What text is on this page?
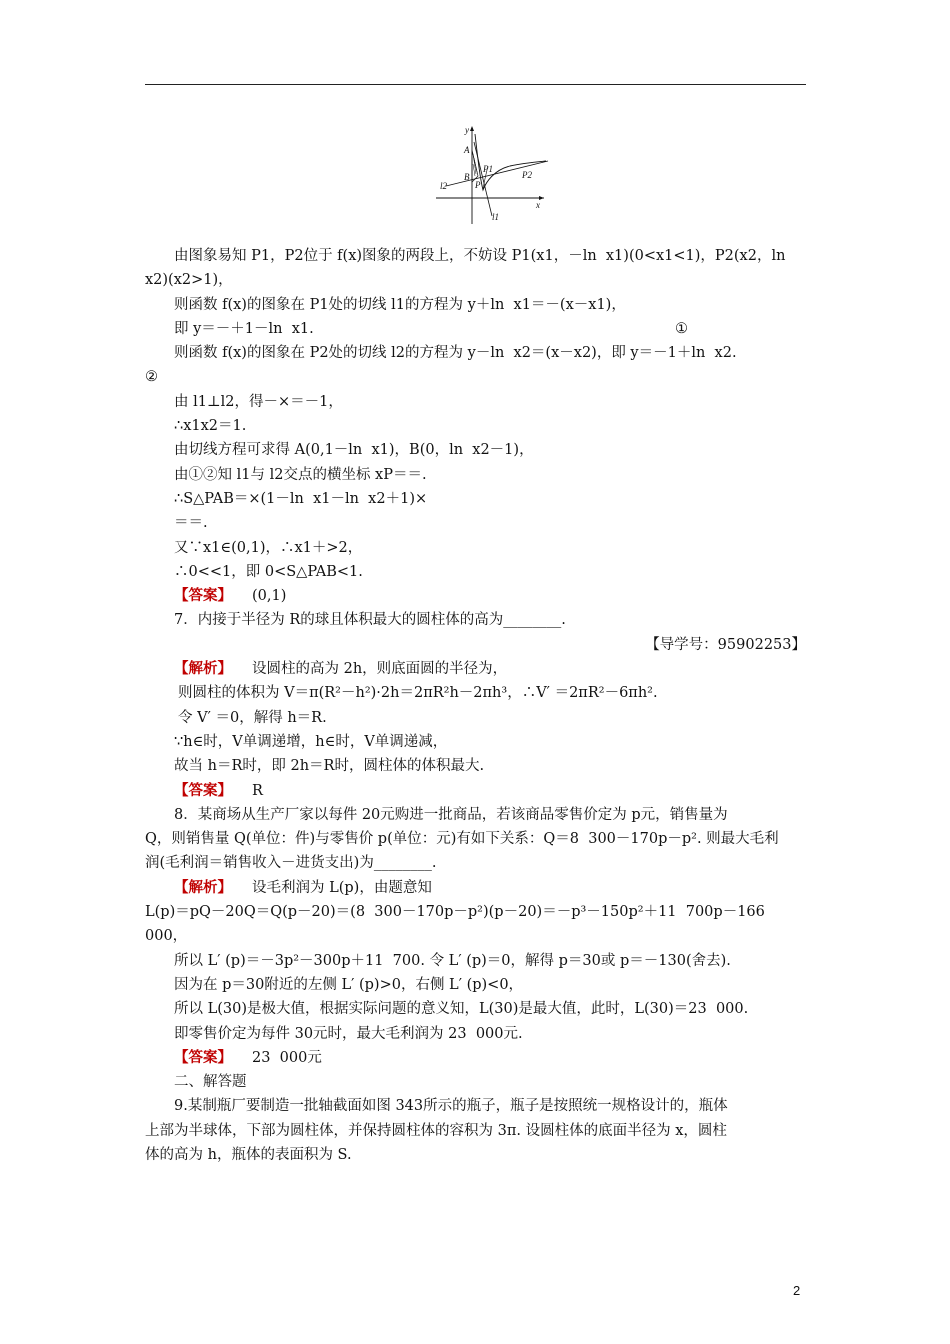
y
x
A
B
P
P1
P2
l1
l2
由图象易知 P1，P2位于 f(x)图象的两段上，不妨设 P1(x1，－ln  x1)(0<x1<1)，P2(x2，ln
x2)(x2>1)，
则函数 f(x)的图象在 P1处的切线 l1的方程为 y＋ln  x1＝－(x－x1)，
即 y＝－＋1－ln  x1.	①
则函数 f(x)的图象在 P2处的切线 l2的方程为 y－ln  x2＝(x－x2)，即 y＝－1＋ln  x2.
②
由 l1⊥l2，得－×＝－1，
∴x1x2＝1.
由切线方程可求得 A(0,1－ln  x1)，B(0，ln  x2－1)，
由①②知 l1与 l2交点的横坐标 xP＝＝.
∴S△PAB＝×(1－ln  x1－ln  x2＋1)×
＝＝.
又∵x1∈(0,1)，∴x1＋>2，
∴0<<1，即 0<S△PAB<1.
【答案】 (0,1)
7．内接于半径为 R的球且体积最大的圆柱体的高为________.
【导学号：95902253】
【解析】 设圆柱的高为 2h，则底面圆的半径为，
则圆柱的体积为 V＝π(R²－h²)·2h＝2πR²h－2πh³，∴V′ ＝2πR²－6πh².
令 V′ ＝0，解得 h＝R.
∵h∈时，V单调递增，h∈时，V单调递减，
故当 h＝R时，即 2h＝R时，圆柱体的体积最大.
【答案】 R
8．某商场从生产厂家以每件 20元购进一批商品，若该商品零售价定为 p元，销售量为
Q，则销售量 Q(单位：件)与零售价 p(单位：元)有如下关系：Q＝8  300－170p－p². 则最大毛利
润(毛利润＝销售收入－进货支出)为________.
【解析】 设毛利润为 L(p)，由题意知
L(p)＝pQ－20Q＝Q(p－20)＝(8  300－170p－p²)(p－20)＝－p³－150p²＋11  700p－166
000，
所以 L′ (p)＝－3p²－300p＋11  700. 令 L′ (p)＝0，解得 p＝30或 p＝－130(舍去).
因为在 p＝30附近的左侧 L′ (p)>0，右侧 L′ (p)<0，
所以 L(30)是极大值，根据实际问题的意义知，L(30)是最大值，此时，L(30)＝23  000.
即零售价定为每件 30元时，最大毛利润为 23  000元.
【答案】 23  000元
二、解答题
9.某制瓶厂要制造一批轴截面如图 343所示的瓶子，瓶子是按照统一规格设计的，瓶体
上部为半球体，下部为圆柱体，并保持圆柱体的容积为 3π. 设圆柱体的底面半径为 x，圆柱
体的高为 h，瓶体的表面积为 S.
2
